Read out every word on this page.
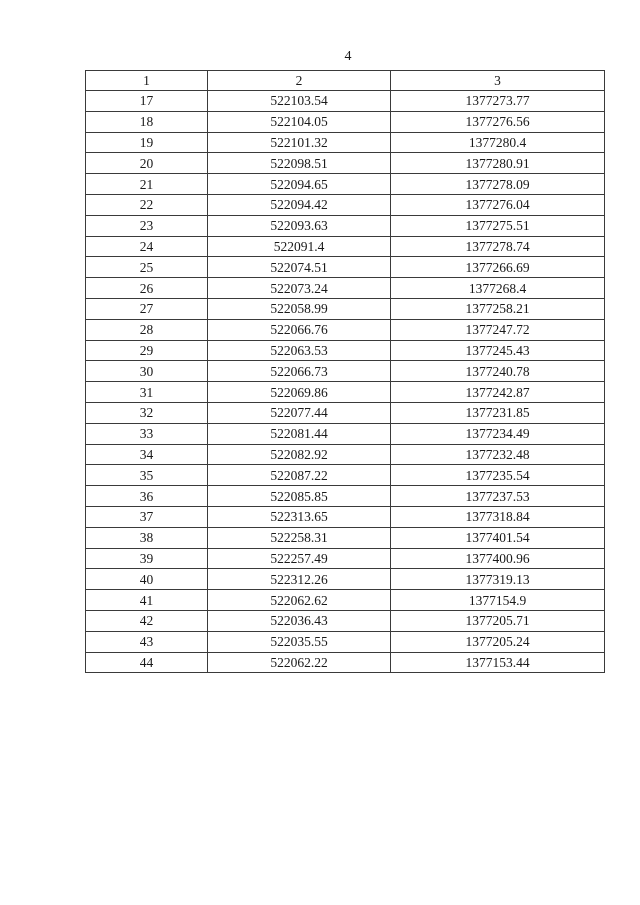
4
1	2	3
17	522103.54	1377273.77
18	522104.05	1377276.56
19	522101.32	1377280.4
20	522098.51	1377280.91
21	522094.65	1377278.09
22	522094.42	1377276.04
23	522093.63	1377275.51
24	522091.4	1377278.74
25	522074.51	1377266.69
26	522073.24	1377268.4
27	522058.99	1377258.21
28	522066.76	1377247.72
29	522063.53	1377245.43
30	522066.73	1377240.78
31	522069.86	1377242.87
32	522077.44	1377231.85
33	522081.44	1377234.49
34	522082.92	1377232.48
35	522087.22	1377235.54
36	522085.85	1377237.53
37	522313.65	1377318.84
38	522258.31	1377401.54
39	522257.49	1377400.96
40	522312.26	1377319.13
41	522062.62	1377154.9
42	522036.43	1377205.71
43	522035.55	1377205.24
44	522062.22	1377153.44
